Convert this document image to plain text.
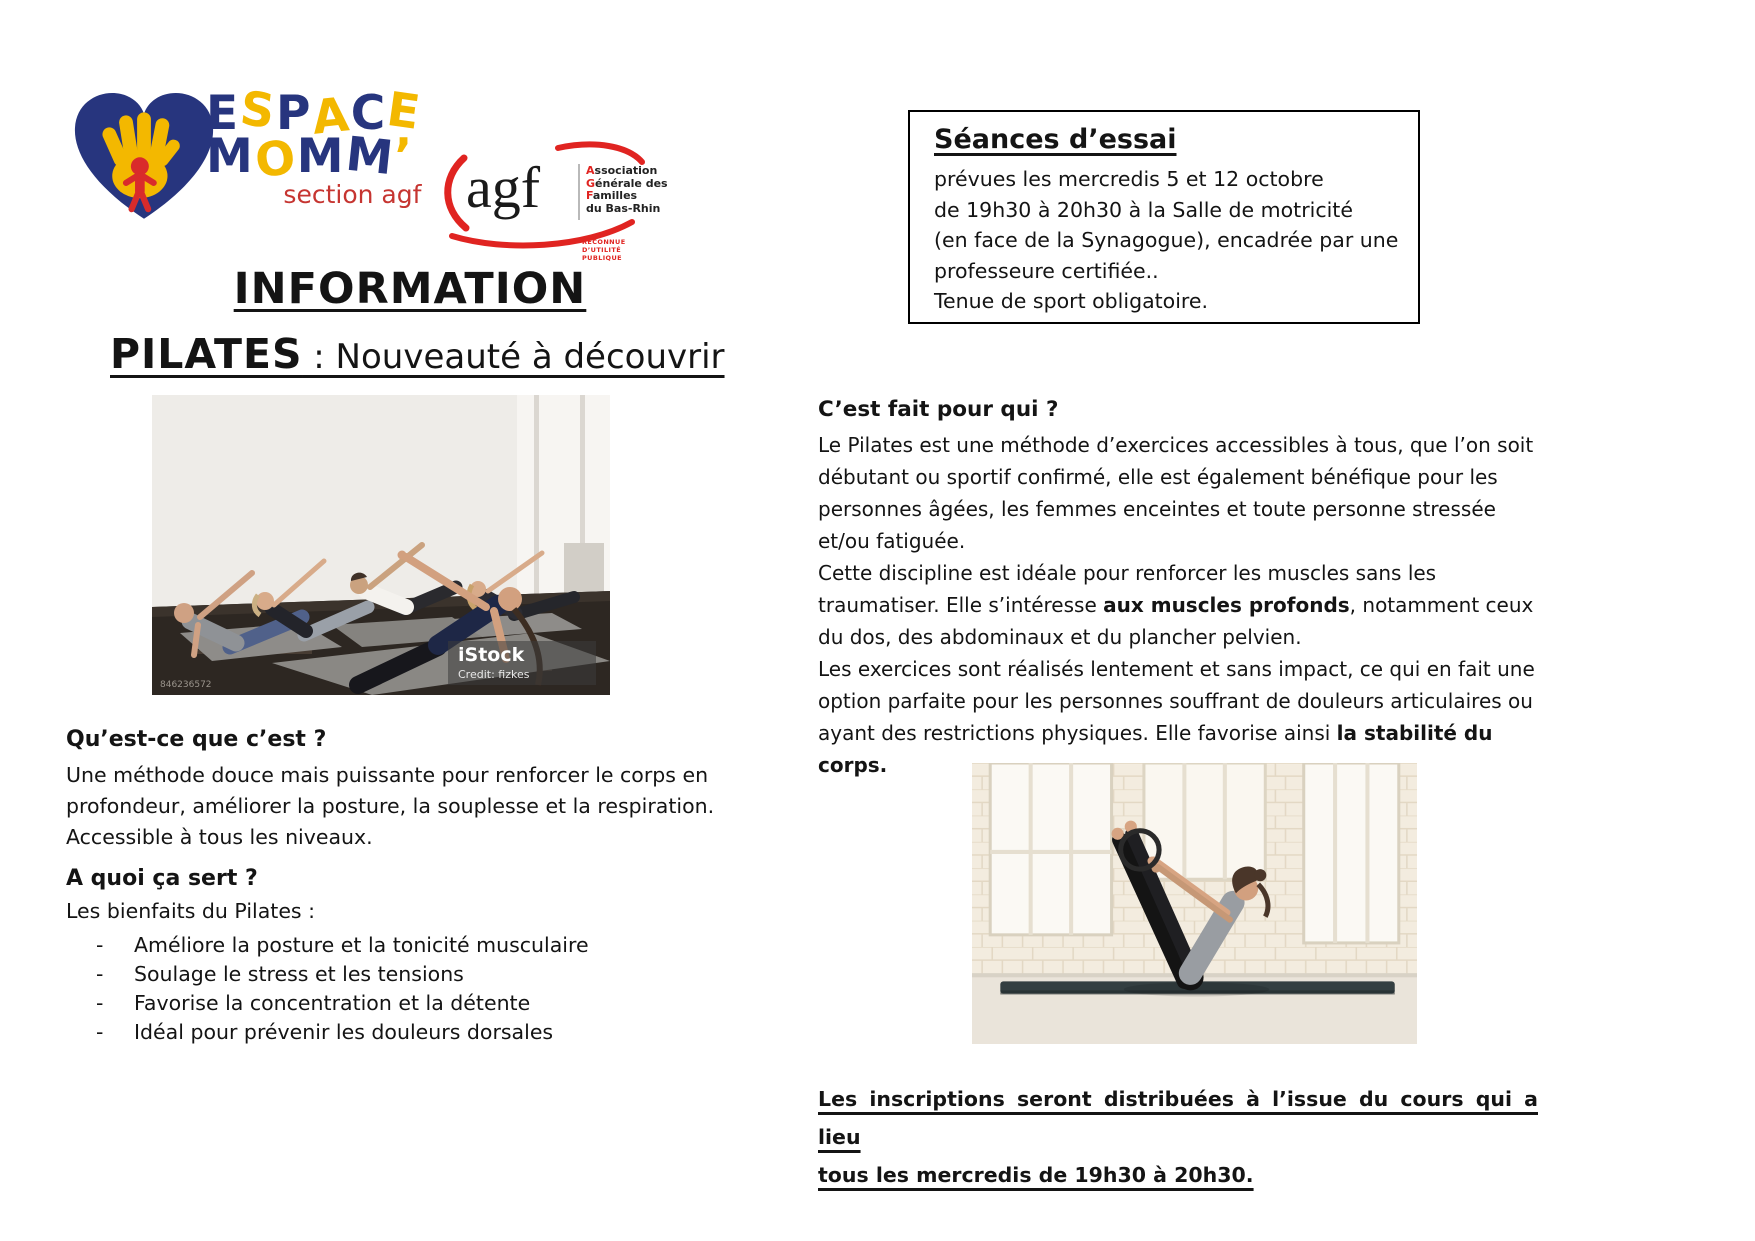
ESPACE
MOMM’
section agf agf	Association
Générale des
Familles
du Bas-Rhin
RECONNUE D’UTILITÉ PUBLIQUE
INFORMATION
PILATES : Nouveauté à découvrir
iStock
Credit: fizkes
846236572
Qu’est-ce que c’est ?
Une méthode douce mais puissante pour renforcer le corps en profondeur, améliorer la posture, la souplesse et la respiration. Accessible à tous les niveaux.
A quoi ça sert ?
Les bienfaits du Pilates :
-	Améliore la posture et la tonicité musculaire
-	Soulage le stress et les tensions
-	Favorise la concentration et la détente
-	Idéal pour prévenir les douleurs dorsales
Séances d’essai
prévues les mercredis 5 et 12 octobre
de 19h30 à 20h30 à la Salle de motricité
(en face de la Synagogue), encadrée par une
professeure certifiée..
Tenue de sport obligatoire.
C’est fait pour qui ?

Le Pilates est une méthode d’exercices accessibles à tous, que l’on soit débutant ou sportif confirmé, elle est également bénéfique pour les personnes âgées, les femmes enceintes et toute personne stressée et/ou fatiguée.

Cette discipline est idéale pour renforcer les muscles sans les traumatiser. Elle s’intéresse aux muscles profonds, notamment ceux du dos, des abdominaux et du plancher pelvien.

Les exercices sont réalisés lentement et sans impact, ce qui en fait une option parfaite pour les personnes souffrant de douleurs articulaires ou ayant des restrictions physiques. Elle favorise ainsi la stabilité du corps.

Les inscriptions seront distribuées à l’issue du cours qui a lieu
tous les mercredis de 19h30 à 20h30.
